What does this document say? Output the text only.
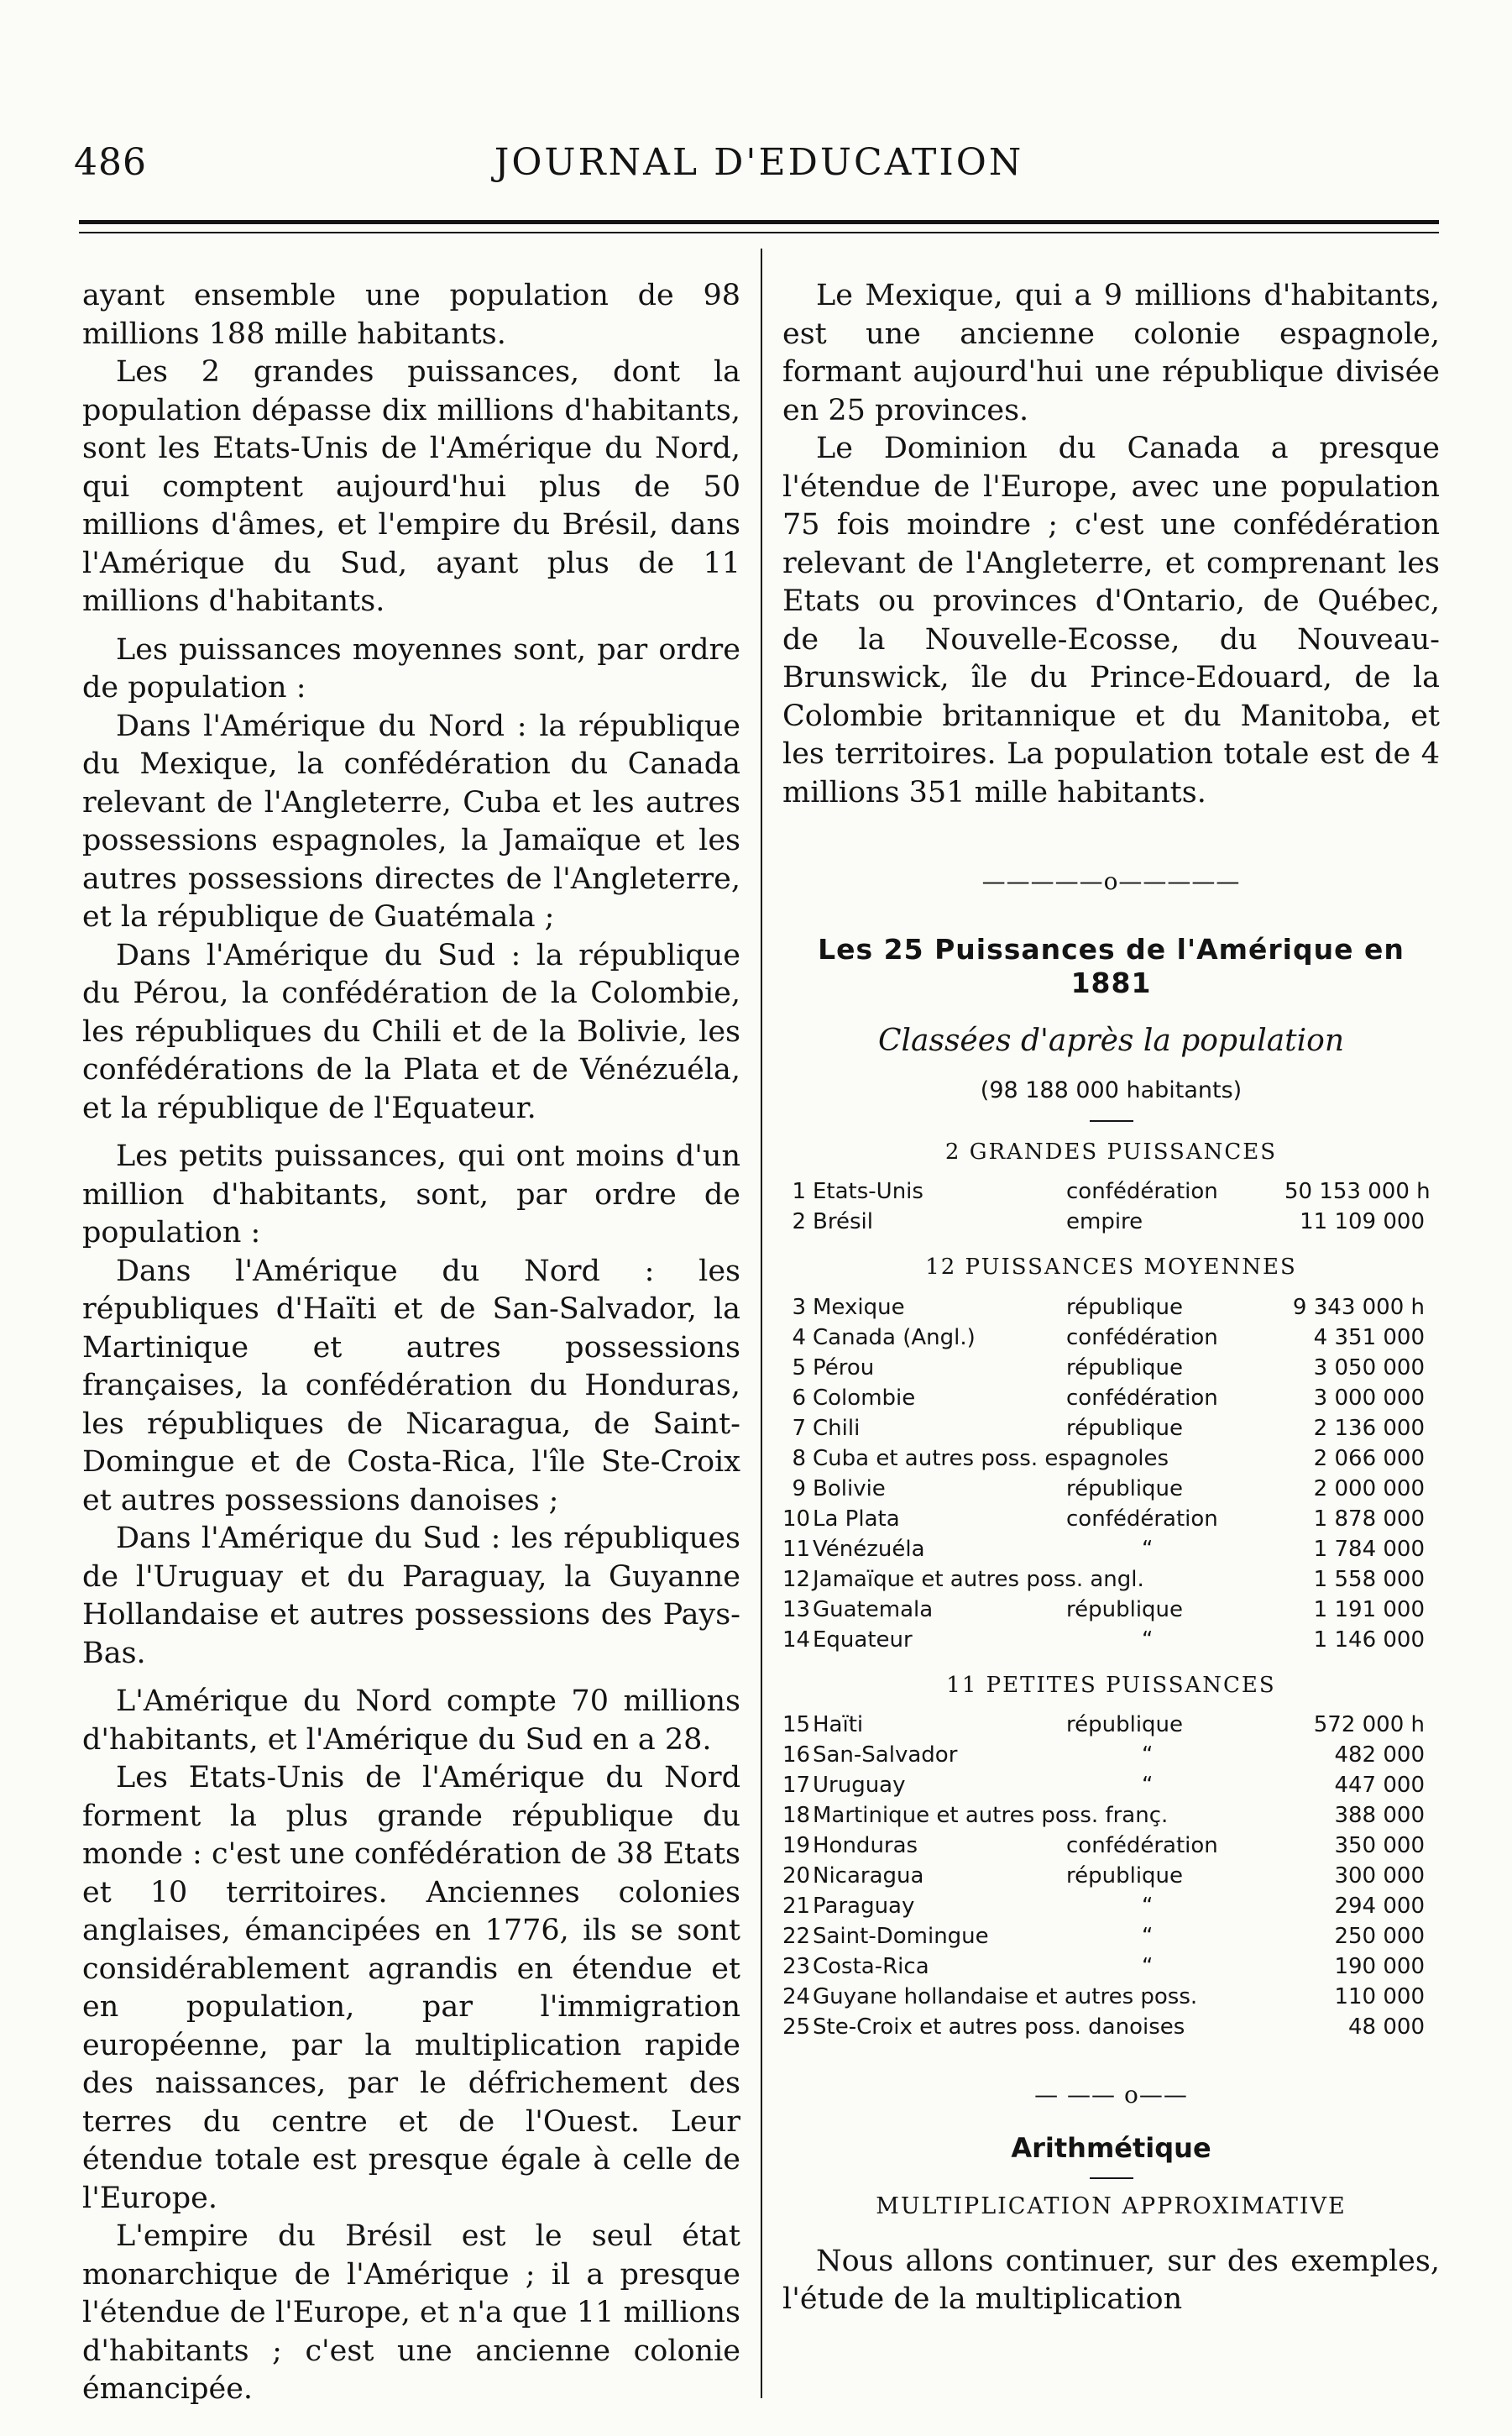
486	JOURNAL D'EDUCATION

ayant ensemble une population de 98 millions 188 mille habitants.

Les 2 grandes puissances, dont la population dépasse dix millions d'habitants, sont les Etats-Unis de l'Amérique du Nord, qui comptent aujourd'hui plus de 50 millions d'âmes, et l'empire du Brésil, dans l'Amérique du Sud, ayant plus de 11 millions d'habitants.

Les puissances moyennes sont, par ordre de population :

Dans l'Amérique du Nord : la république du Mexique, la confédération du Canada relevant de l'Angleterre, Cuba et les autres possessions espagnoles, la Jamaïque et les autres possessions directes de l'Angleterre, et la république de Guatémala ;

Dans l'Amérique du Sud : la république du Pérou, la confédération de la Colombie, les républiques du Chili et de la Bolivie, les confédérations de la Plata et de Vénézuéla, et la république de l'Equateur.

Les petits puissances, qui ont moins d'un million d'habitants, sont, par ordre de population :

Dans l'Amérique du Nord : les républiques d'Haïti et de San-Salvador, la Martinique et autres possessions françaises, la confédération du Honduras, les républiques de Nicaragua, de Saint-Domingue et de Costa-Rica, l'île Ste-Croix et autres possessions danoises ;

Dans l'Amérique du Sud : les républiques de l'Uruguay et du Paraguay, la Guyanne Hollandaise et autres possessions des Pays-Bas.

L'Amérique du Nord compte 70 millions d'habitants, et l'Amérique du Sud en a 28.

Les Etats-Unis de l'Amérique du Nord forment la plus grande république du monde : c'est une confédération de 38 Etats et 10 territoires. Anciennes colonies anglaises, émancipées en 1776, ils se sont considérablement agrandis en étendue et en population, par l'immigration européenne, par la multiplication rapide des naissances, par le défrichement des terres du centre et de l'Ouest. Leur étendue totale est presque égale à celle de l'Europe.

L'empire du Brésil est le seul état monarchique de l'Amérique ; il a presque l'étendue de l'Europe, et n'a que 11 millions d'habitants ; c'est une ancienne colonie émancipée.

Le Mexique, qui a 9 millions d'habitants, est une ancienne colonie espagnole, formant aujourd'hui une république divisée en 25 provinces.

Le Dominion du Canada a presque l'étendue de l'Europe, avec une population 75 fois moindre ; c'est une confédération relevant de l'Angleterre, et comprenant les Etats ou provinces d'Ontario, de Québec, de la Nouvelle-Ecosse, du Nouveau-Brunswick, île du Prince-Edouard, de la Colombie britannique et du Manitoba, et les territoires. La population totale est de 4 millions 351 mille habitants.

—————o—————
Les 25 Puissances de l'Amérique en 1881
Classées d'après la population
(98 188 000 habitants)
2 GRANDES PUISSANCES
1	Etats-Unis	confédération	50 153 000 h
2	Brésil	empire	11 109 000
12 PUISSANCES MOYENNES
3	Mexique	république	9 343 000 h
4	Canada (Angl.)	confédération	4 351 000
5	Pérou	république	3 050 000
6	Colombie	confédération	3 000 000
7	Chili	république	2 136 000
8	Cuba et autres poss. espagnoles		2 066 000
9	Bolivie	république	2 000 000
10	La Plata	confédération	1 878 000
11	Vénézuéla	“	1 784 000
12	Jamaïque et autres poss. angl.		1 558 000
13	Guatemala	république	1 191 000
14	Equateur	“	1 146 000
11 PETITES PUISSANCES
15	Haïti	république	572 000 h
16	San-Salvador	“	482 000
17	Uruguay	“	447 000
18	Martinique et autres poss. franç.		388 000
19	Honduras	confédération	350 000
20	Nicaragua	république	300 000
21	Paraguay	“	294 000
22	Saint-Domingue	“	250 000
23	Costa-Rica	“	190 000
24	Guyane hollandaise et autres poss.		110 000
25	Ste-Croix et autres poss. danoises		48 000
— —— o——
Arithmétique
MULTIPLICATION APPROXIMATIVE

Nous allons continuer, sur des exemples, l'étude de la multiplication
